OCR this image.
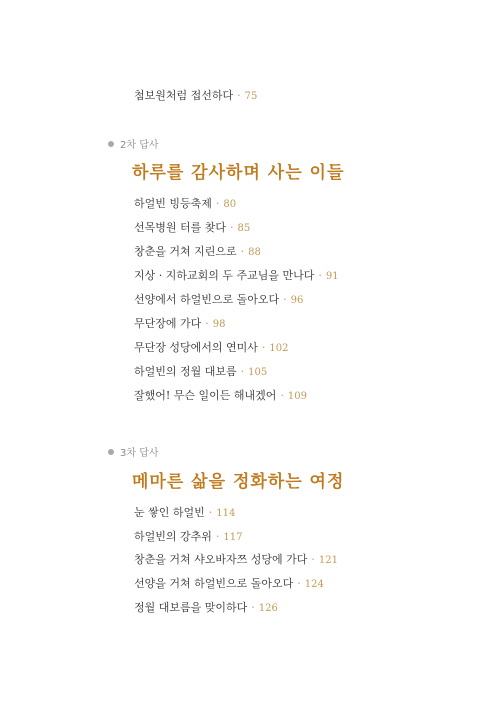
첨보원처럼 접선하다 · 75
2차 답사
하루를 감사하며 사는 이들
하얼빈 빙등축제 · 80
선목병원 터를 찾다 · 85
창춘을 거쳐 지린으로 · 88
지상 · 지하교회의 두 주교님을 만나다 · 91
선양에서 하얼빈으로 돌아오다 · 96
무단장에 가다 · 98
무단장 성당에서의 연미사 · 102
하얼빈의 정월 대보름 · 105
잘했어! 무슨 일이든 해내겠어 · 109
3차 답사
메마른 삶을 정화하는 여정
눈 쌓인 하얼빈 · 114
하얼빈의 강추위 · 117
창춘을 거쳐 샤오바자쯔 성당에 가다 · 121
선양을 거쳐 하얼빈으로 돌아오다 · 124
정월 대보름을 맞이하다 · 126
